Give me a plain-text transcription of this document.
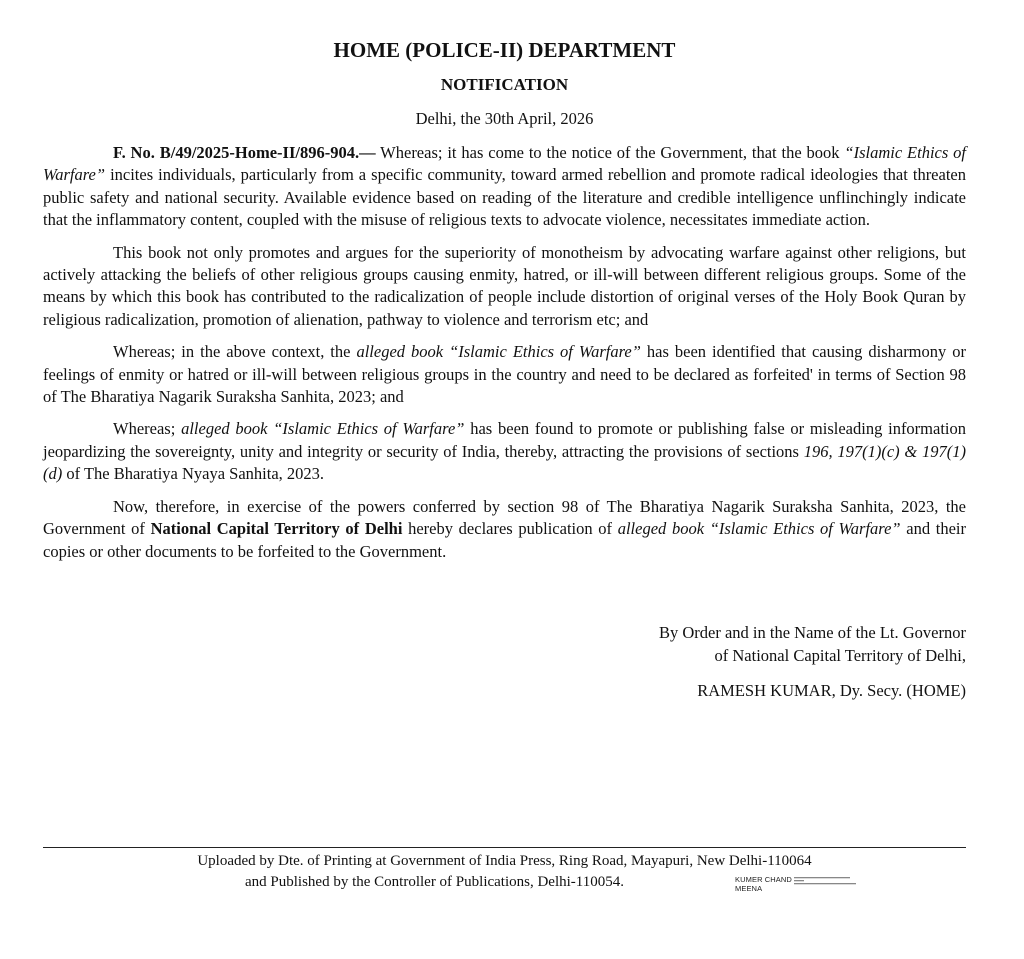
HOME (POLICE-II) DEPARTMENT
NOTIFICATION

Delhi, the 30th April, 2026

F. No. B/49/2025-Home-II/896-904.— Whereas; it has come to the notice of the Government, that the book “Islamic Ethics of Warfare” incites individuals, particularly from a specific community, toward armed rebellion and promote radical ideologies that threaten public safety and national security. Available evidence based on reading of the literature and credible intelligence unflinchingly indicate that the inflammatory content, coupled with the misuse of religious texts to advocate violence, necessitates immediate action.

This book not only promotes and argues for the superiority of monotheism by advocating warfare against other religions, but actively attacking the beliefs of other religious groups causing enmity, hatred, or ill-will between different religious groups. Some of the means by which this book has contributed to the radicalization of people include distortion of original verses of the Holy Book Quran by religious radicalization, promotion of alienation, pathway to violence and terrorism etc; and

Whereas; in the above context, the alleged book “Islamic Ethics of Warfare” has been identified that causing disharmony or feelings of enmity or hatred or ill-will between religious groups in the country and need to be declared as forfeited' in terms of Section 98 of The Bharatiya Nagarik Suraksha Sanhita, 2023; and

Whereas; alleged book “Islamic Ethics of Warfare” has been found to promote or publishing false or misleading information jeopardizing the sovereignty, unity and integrity or security of India, thereby, attracting the provisions of sections 196, 197(1)(c) & 197(1)(d) of The Bharatiya Nyaya Sanhita, 2023.

Now, therefore, in exercise of the powers conferred by section 98 of The Bharatiya Nagarik Suraksha Sanhita, 2023, the Government of National Capital Territory of Delhi hereby declares publication of alleged book “Islamic Ethics of Warfare” and their copies or other documents to be forfeited to the Government.

By Order and in the Name of the Lt. Governor
of National Capital Territory of Delhi,
RAMESH KUMAR, Dy. Secy. (HOME)
Uploaded by Dte. of Printing at Government of India Press, Ring Road, Mayapuri, New Delhi-110064
and Published by the Controller of Publications, Delhi-110054.	KUMER CHAND MEENA
